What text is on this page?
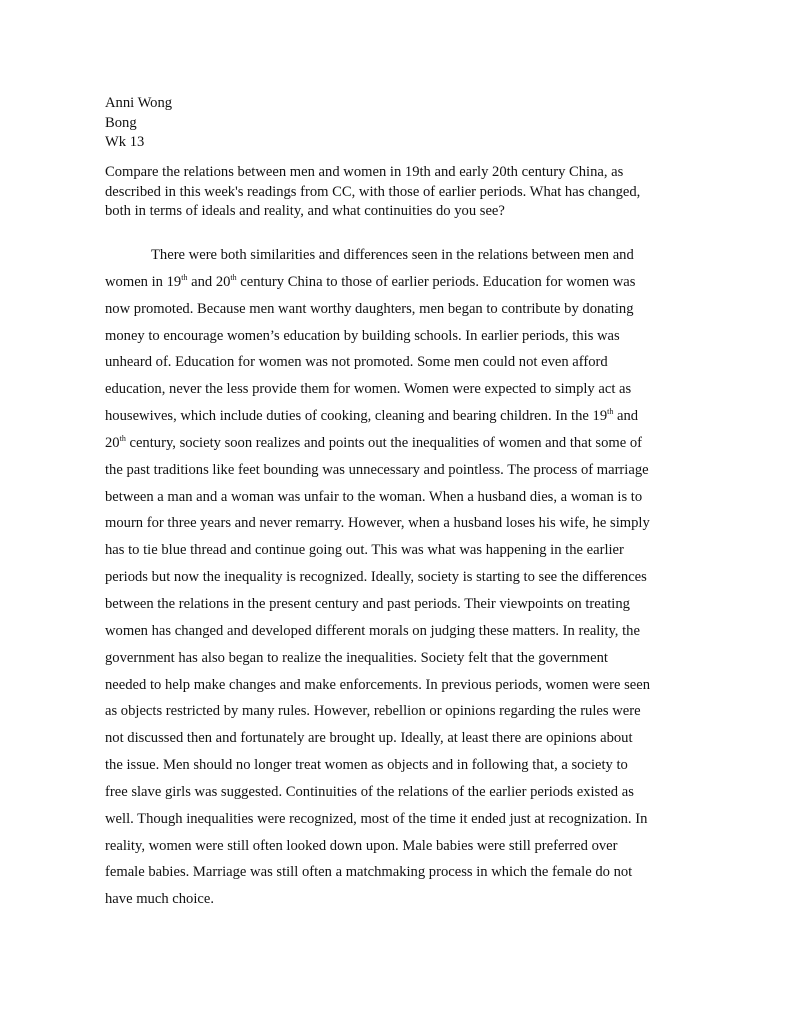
Anni Wong
Bong
Wk 13
Compare the relations between men and women in 19th and early 20th century China, as
described in this week's readings from CC, with those of earlier periods. What has changed,
both in terms of ideals and reality, and what continuities do you see?
There were both similarities and differences seen in the relations between men and
women in 19th and 20th century China to those of earlier periods. Education for women was
now promoted. Because men want worthy daughters, men began to contribute by donating
money to encourage women’s education by building schools. In earlier periods, this was
unheard of. Education for women was not promoted. Some men could not even afford
education, never the less provide them for women. Women were expected to simply act as
housewives, which include duties of cooking, cleaning and bearing children. In the 19th and
20th century, society soon realizes and points out the inequalities of women and that some of
the past traditions like feet bounding was unnecessary and pointless. The process of marriage
between a man and a woman was unfair to the woman. When a husband dies, a woman is to
mourn for three years and never remarry. However, when a husband loses his wife, he simply
has to tie blue thread and continue going out. This was what was happening in the earlier
periods but now the inequality is recognized. Ideally, society is starting to see the differences
between the relations in the present century and past periods. Their viewpoints on treating
women has changed and developed different morals on judging these matters. In reality, the
government has also began to realize the inequalities. Society felt that the government
needed to help make changes and make enforcements. In previous periods, women were seen
as objects restricted by many rules. However, rebellion or opinions regarding the rules were
not discussed then and fortunately are brought up. Ideally, at least there are opinions about
the issue. Men should no longer treat women as objects and in following that, a society to
free slave girls was suggested. Continuities of the relations of the earlier periods existed as
well. Though inequalities were recognized, most of the time it ended just at recognization. In
reality, women were still often looked down upon. Male babies were still preferred over
female babies. Marriage was still often a matchmaking process in which the female do not
have much choice.
